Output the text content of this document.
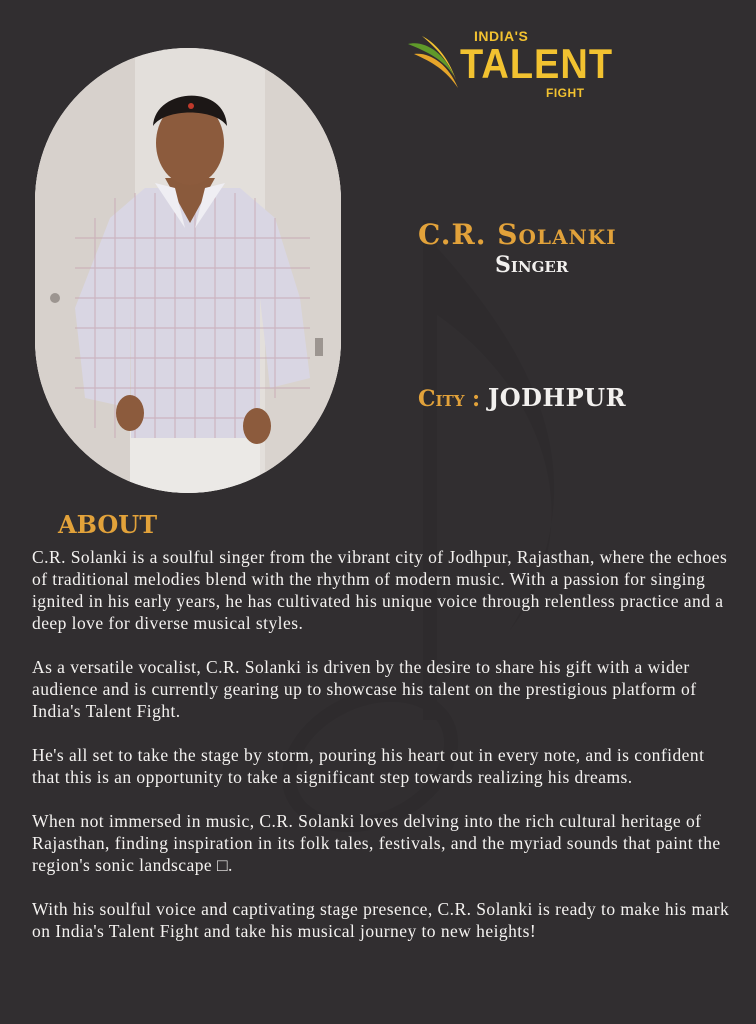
INDIA'S
TALENT
FIGHT
C.R. Solanki
Singer
City : JODHPUR
ABOUT

C.R. Solanki is a soulful singer from the vibrant city of Jodhpur, Rajasthan, where the echoes of traditional melodies blend with the rhythm of modern music. With a passion for singing ignited in his early years, he has cultivated his unique voice through relentless practice and a deep love for diverse musical styles.

As a versatile vocalist, C.R. Solanki is driven by the desire to share his gift with a wider audience and is currently gearing up to showcase his talent on the prestigious platform of India's Talent Fight.

He's all set to take the stage by storm, pouring his heart out in every note, and is confident that this is an opportunity to take a significant step towards realizing his dreams.

When not immersed in music, C.R. Solanki loves delving into the rich cultural heritage of Rajasthan, finding inspiration in its folk tales, festivals, and the myriad sounds that paint the region's sonic landscape □.

With his soulful voice and captivating stage presence, C.R. Solanki is ready to make his mark on India's Talent Fight and take his musical journey to new heights!
